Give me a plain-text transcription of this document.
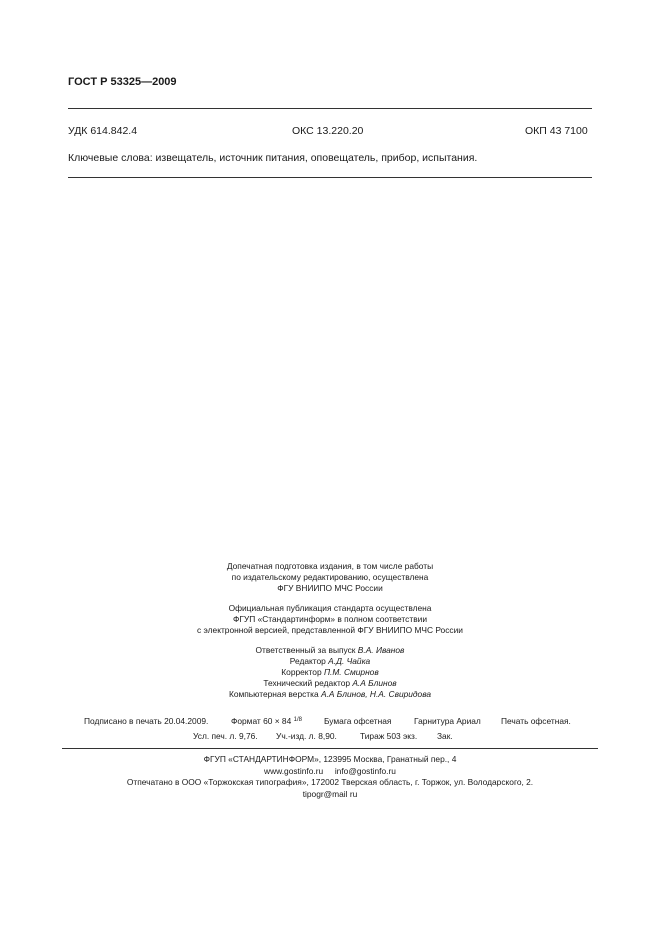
ГОСТ Р 53325—2009
УДК 614.842.4	ОКС 13.220.20	ОКП 43 7100
Ключевые слова: извещатель, источник питания, оповещатель, прибор, испытания.
Допечатная подготовка издания, в том числе работы
по издательскому редактированию, осуществлена
ФГУ ВНИИПО МЧС России
Официальная публикация стандарта осуществлена
ФГУП «Стандартинформ» в полном соответствии
с электронной версией, представленной ФГУ ВНИИПО МЧС России
Ответственный за выпуск В.А. Иванов
Редактор А.Д. Чайка
Корректор П.М. Смирнов
Технический редактор А.А Блинов
Компьютерная верстка А.А Блинов, Н.А. Свиридова
Подписано в печать 20.04.2009.	Формат 60 × 84 $^{1/8}$	Бумага офсетная	Гарнитура Ариал Печать офсетная.
Усл. печ. л. 9,76. Уч.-изд. л. 8,90.	Тираж 503 экз. Зак.
ФГУП «СТАНДАРТИНФОРМ», 123995 Москва, Гранатный пер., 4
www.gostinfo.ru info@gostinfo.ru
Отпечатано в ООО «Торжокская типография», 172002 Тверская область, г. Торжок, ул. Володарского, 2.
tipogr@mail ru
